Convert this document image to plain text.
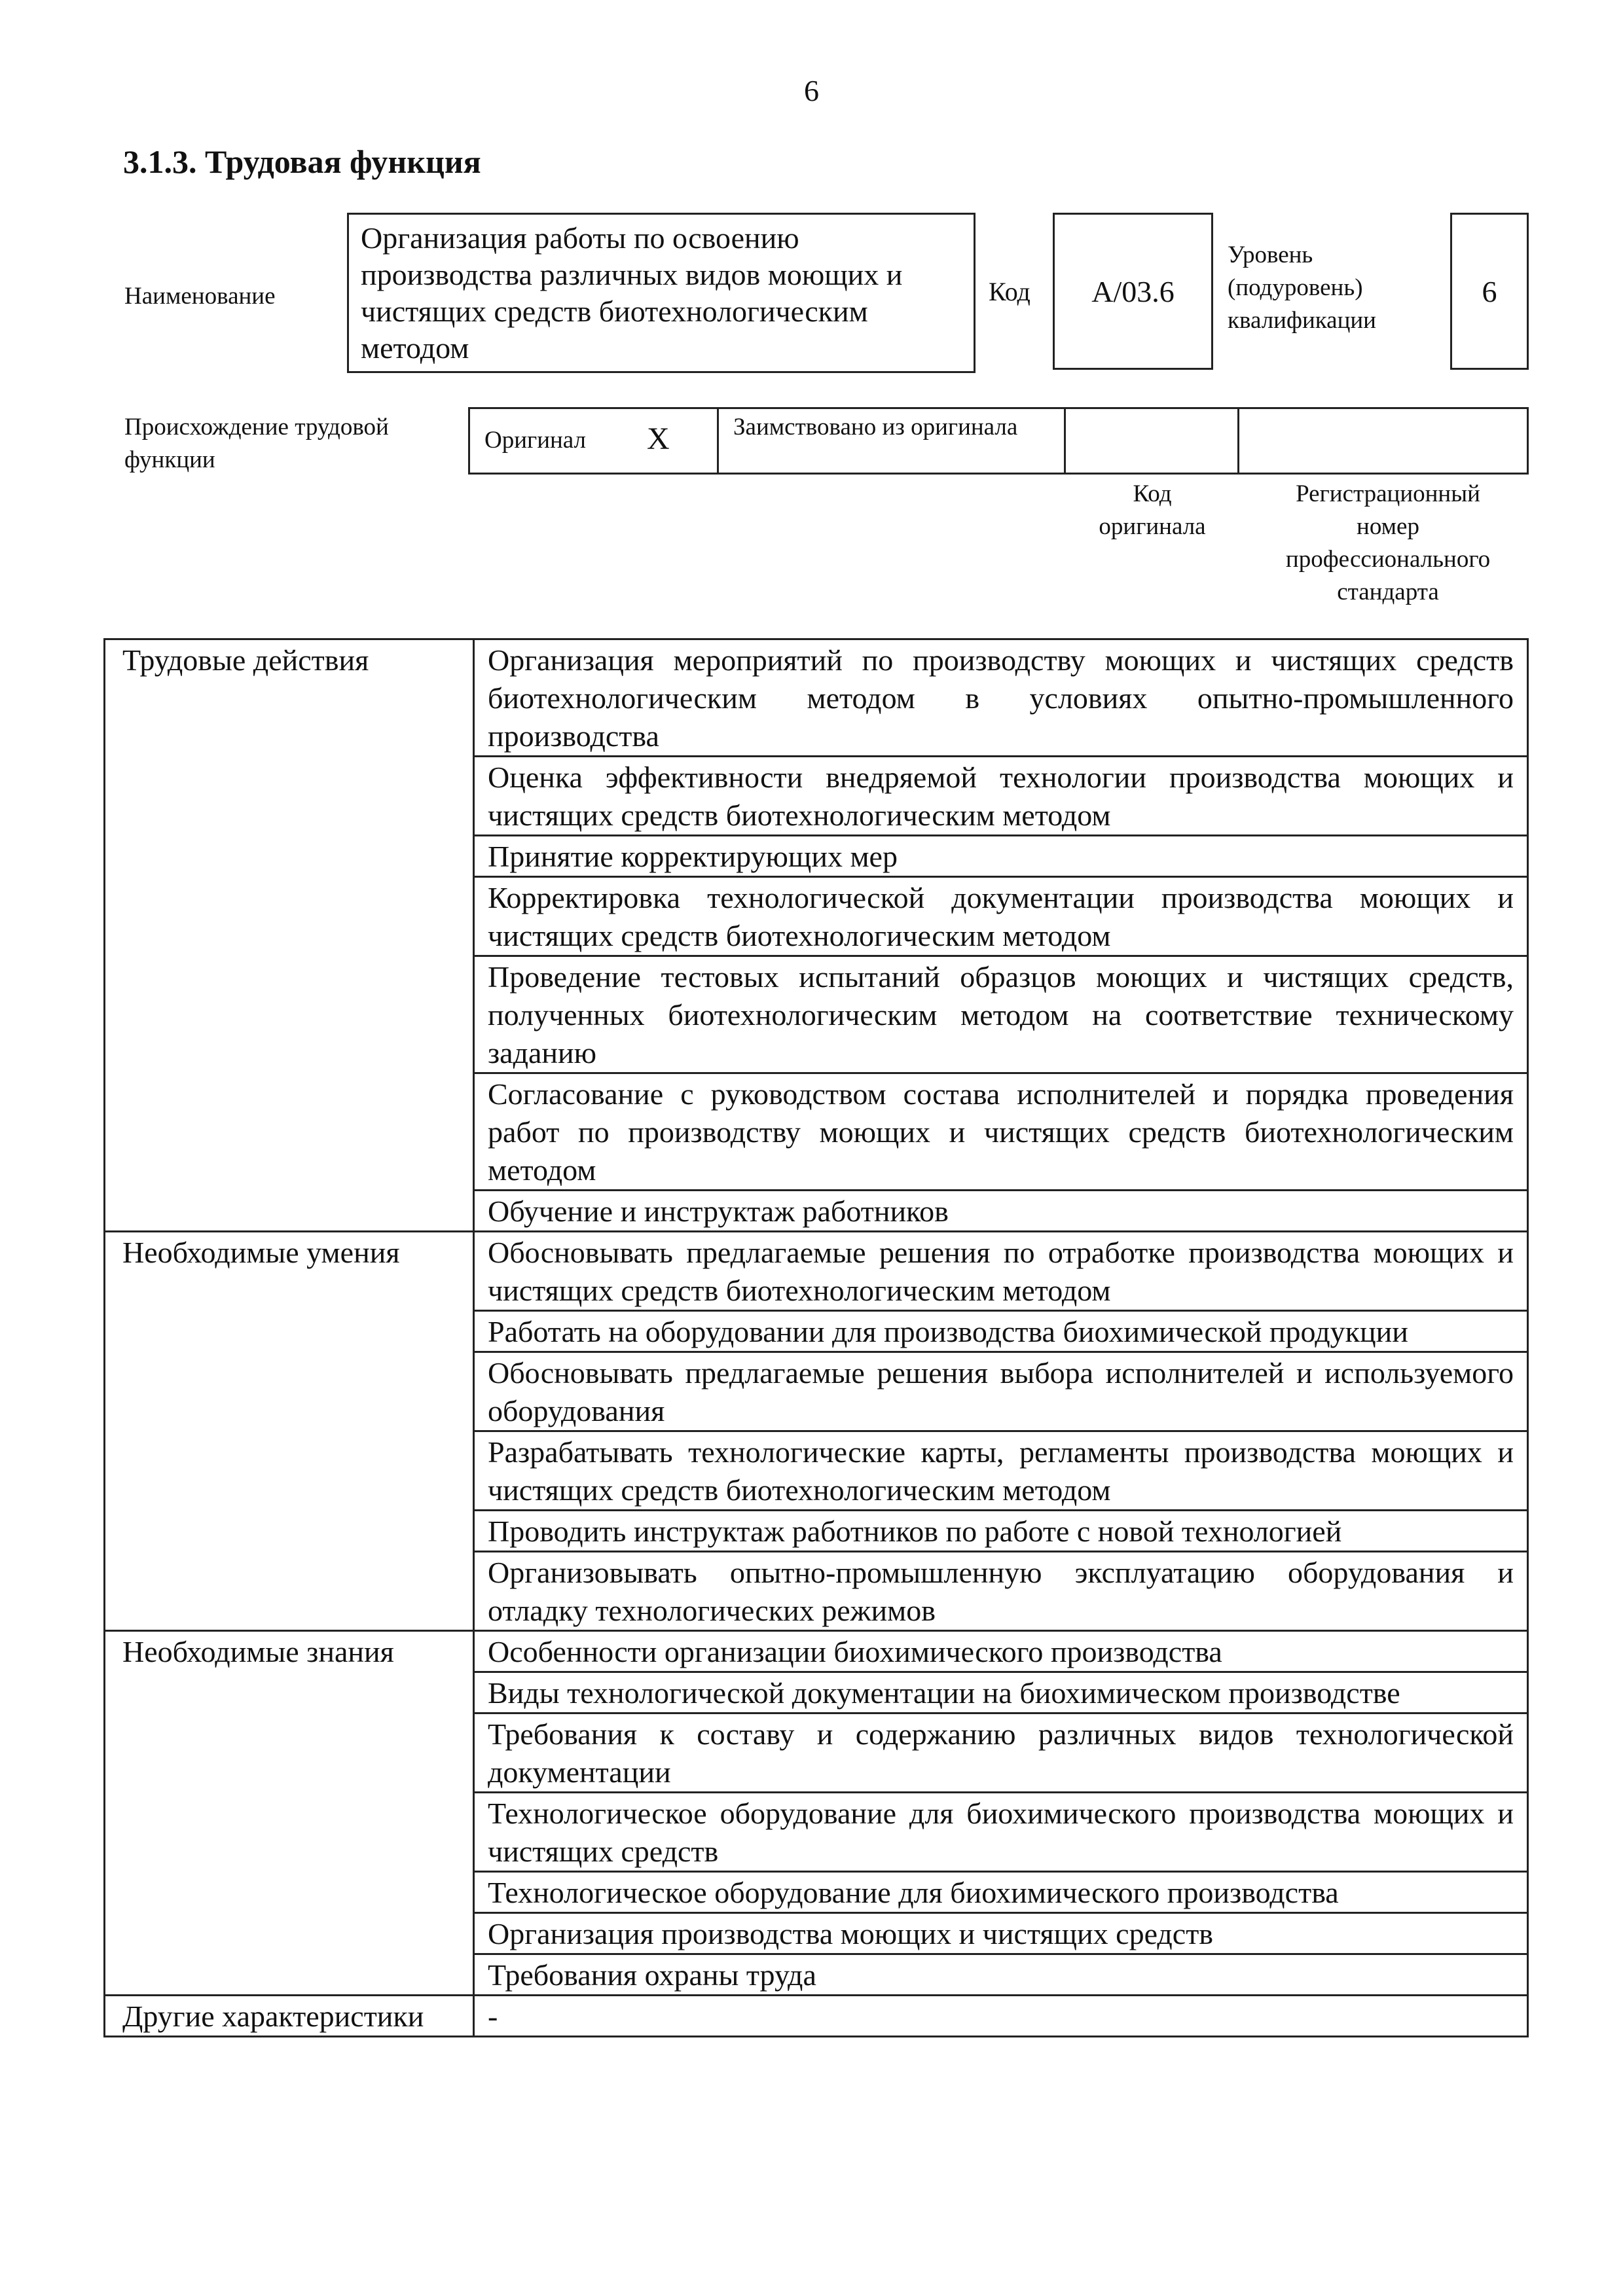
6
3.1.3. Трудовая функция
Наименование
Организация работы по освоению производства различных видов моющих и чистящих средств биотехнологическим методом
Код А/03.6
Уровень
(подуровень)
квалификации
6
Происхождение трудовой функции
Оригинал X	Заимствовано из оригинала
Код
оригинала
Регистрационный
номер
профессионального
стандарта
Трудовые действия	Организация мероприятий по производству моющих и чистящих средств биотехнологическим методом в условиях опытно-промышленного производства
	Оценка эффективности внедряемой технологии производства моющих и чистящих средств биотехнологическим методом
	Принятие корректирующих мер
	Корректировка технологической документации производства моющих и чистящих средств биотехнологическим методом
	Проведение тестовых испытаний образцов моющих и чистящих средств, полученных биотехнологическим методом на соответствие техническому заданию
	Согласование с руководством состава исполнителей и порядка проведения работ по производству моющих и чистящих средств биотехнологическим методом
	Обучение и инструктаж работников
Необходимые умения	Обосновывать предлагаемые решения по отработке производства моющих и чистящих средств биотехнологическим методом
	Работать на оборудовании для производства биохимической продукции
	Обосновывать предлагаемые решения выбора исполнителей и используемого оборудования
	Разрабатывать технологические карты, регламенты производства моющих и чистящих средств биотехнологическим методом
	Проводить инструктаж работников по работе с новой технологией
	Организовывать опытно-промышленную эксплуатацию оборудования и отладку технологических режимов
Необходимые знания	Особенности организации биохимического производства
	Виды технологической документации на биохимическом производстве
	Требования к составу и содержанию различных видов технологической документации
	Технологическое оборудование для биохимического производства моющих и чистящих средств
	Технологическое оборудование для биохимического производства
	Организация производства моющих и чистящих средств
	Требования охраны труда
Другие характеристики	-
